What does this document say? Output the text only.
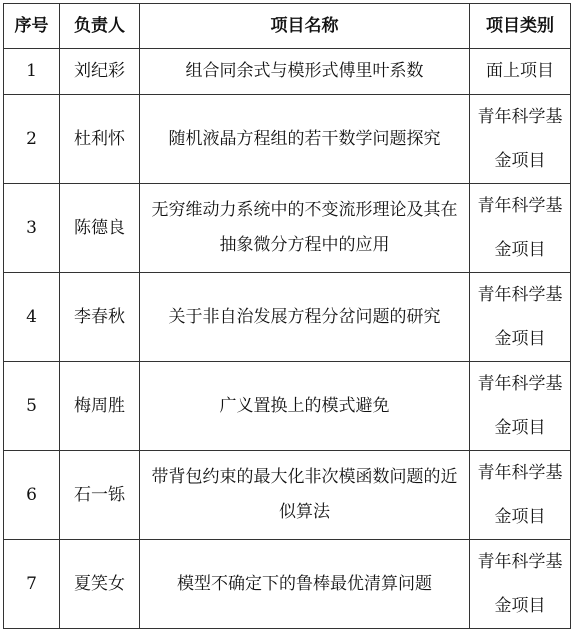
序号	负责人	项目名称	项目类别
1	刘纪彩	组合同余式与模形式傅里叶系数	面上项目
2	杜利怀	随机液晶方程组的若干数学问题探究	青年科学基金项目
3	陈德良	无穷维动力系统中的不变流形理论及其在抽象微分方程中的应用	青年科学基金项目
4	李春秋	关于非自治发展方程分岔问题的研究	青年科学基金项目
5	梅周胜	广义置换上的模式避免	青年科学基金项目
6	石一铄	带背包约束的最大化非次模函数问题的近似算法	青年科学基金项目
7	夏笑女	模型不确定下的鲁棒最优清算问题	青年科学基金项目
